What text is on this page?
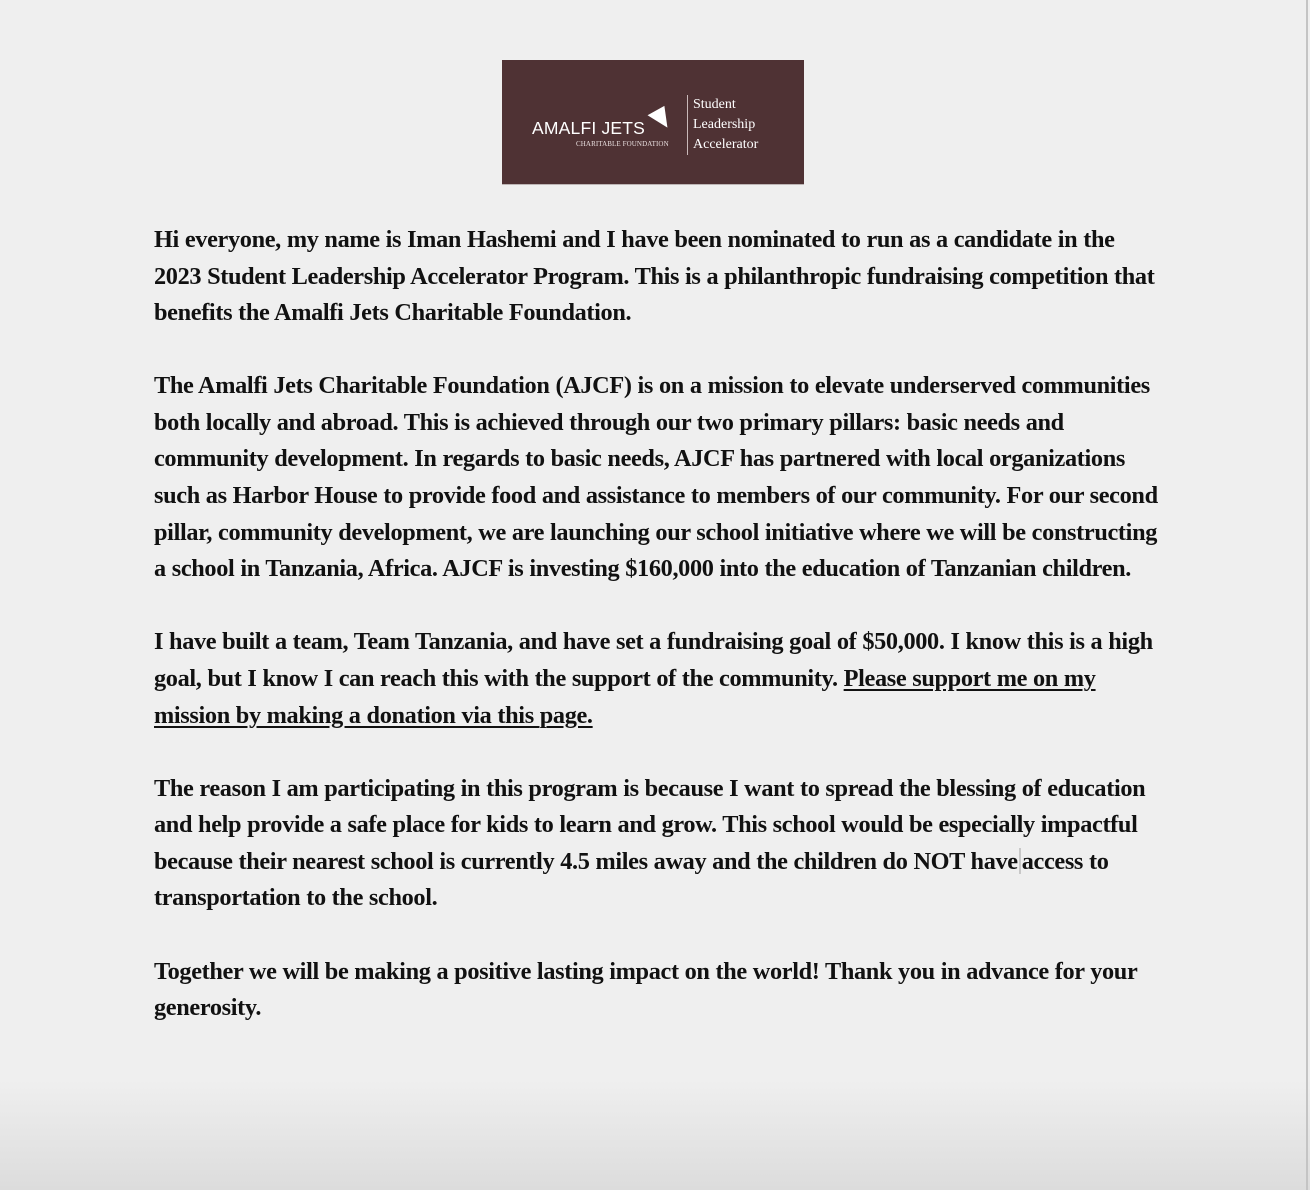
AMALFI JETS
CHARITABLE FOUNDATION
Student
Leadership
Accelerator

Hi everyone, my name is Iman Hashemi and I have been nominated to run as a candidate in the 2023 Student Leadership Accelerator Program. This is a philanthropic fundraising competition that benefits the Amalfi Jets Charitable Foundation.

The Amalfi Jets Charitable Foundation (AJCF) is on a mission to elevate underserved communities both locally and abroad. This is achieved through our two primary pillars: basic needs and community development. In regards to basic needs, AJCF has partnered with local organizations such as Harbor House to provide food and assistance to members of our community. For our second pillar, community development, we are launching our school initiative where we will be constructing a school in Tanzania, Africa. AJCF is investing $160,000 into the education of Tanzanian children.

I have built a team, Team Tanzania, and have set a fundraising goal of $50,000. I know this is a high goal, but I know I can reach this with the support of the community. Please support me on my mission by making a donation via this page.

The reason I am participating in this program is because I want to spread the blessing of education and help provide a safe place for kids to learn and grow. This school would be especially impactful because their nearest school is currently 4.5 miles away and the children do NOT have access to transportation to the school.

Together we will be making a positive lasting impact on the world! Thank you in advance for your generosity.
